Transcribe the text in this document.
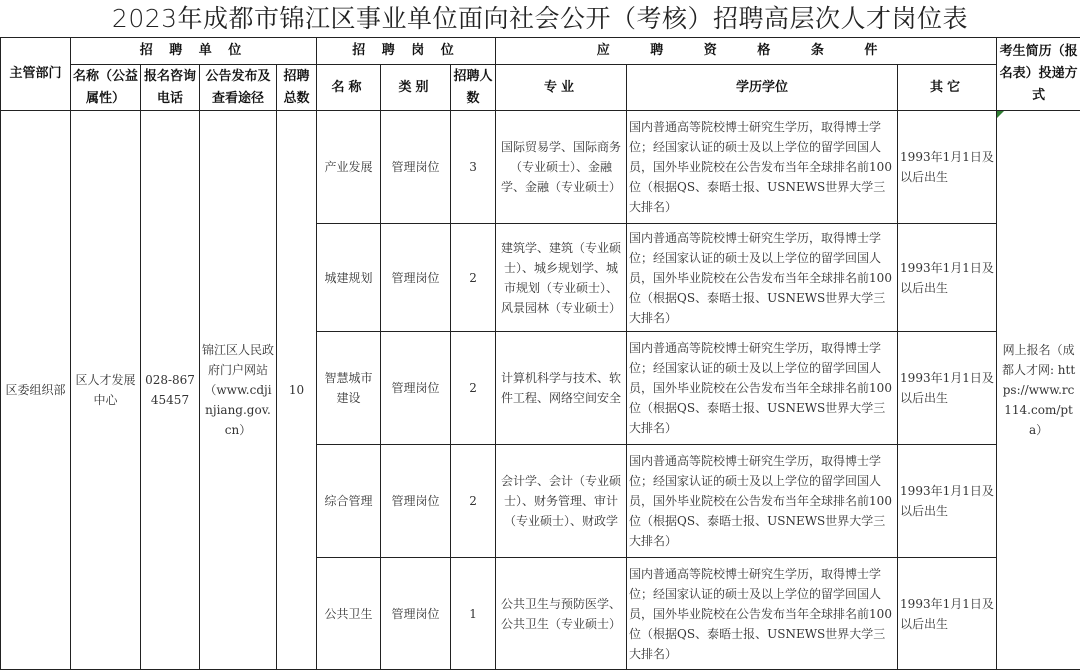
2023年成都市锦江区事业单位面向社会公开（考核）招聘高层次人才岗位表
主管部门	招 聘 单 位				招 聘 岗 位			应 聘 资 格 条 件			考生简历（报名表）投递方式
	名称（公益属性）	报名咨询电话	公告发布及查看途径	招聘总数	名称	类别	招聘人数	专业	学历学位	其它	
区委组织部	区人才发展中心	028-86745457	锦江区人民政府门户网站（www.cdjinjiang.gov.cn）	10	产业发展	管理岗位	3	国际贸易学、国际商务（专业硕士）、金融学、金融（专业硕士）	国内普通高等院校博士研究生学历，取得博士学位；经国家认证的硕士及以上学位的留学回国人员，国外毕业院校在公告发布当年全球排名前100位（根据QS、泰晤士报、USNEWS世界大学三大排名）	1993年1月1日及以后出生	网上报名（成都人才网: https://www.rc114.com/pta）
					城建规划	管理岗位	2	建筑学、建筑（专业硕士）、城乡规划学、城市规划（专业硕士）、风景园林（专业硕士）	国内普通高等院校博士研究生学历，取得博士学位；经国家认证的硕士及以上学位的留学回国人员，国外毕业院校在公告发布当年全球排名前100位（根据QS、泰晤士报、USNEWS世界大学三大排名）	1993年1月1日及以后出生	
					智慧城市建设	管理岗位	2	计算机科学与技术、软件工程、网络空间安全	国内普通高等院校博士研究生学历，取得博士学位；经国家认证的硕士及以上学位的留学回国人员，国外毕业院校在公告发布当年全球排名前100位（根据QS、泰晤士报、USNEWS世界大学三大排名）	1993年1月1日及以后出生	
					综合管理	管理岗位	2	会计学、会计（专业硕士）、财务管理、审计（专业硕士）、财政学	国内普通高等院校博士研究生学历，取得博士学位；经国家认证的硕士及以上学位的留学回国人员，国外毕业院校在公告发布当年全球排名前100位（根据QS、泰晤士报、USNEWS世界大学三大排名）	1993年1月1日及以后出生	
					公共卫生	管理岗位	1	公共卫生与预防医学、公共卫生（专业硕士）	国内普通高等院校博士研究生学历，取得博士学位；经国家认证的硕士及以上学位的留学回国人员，国外毕业院校在公告发布当年全球排名前100位（根据QS、泰晤士报、USNEWS世界大学三大排名）	1993年1月1日及以后出生	
